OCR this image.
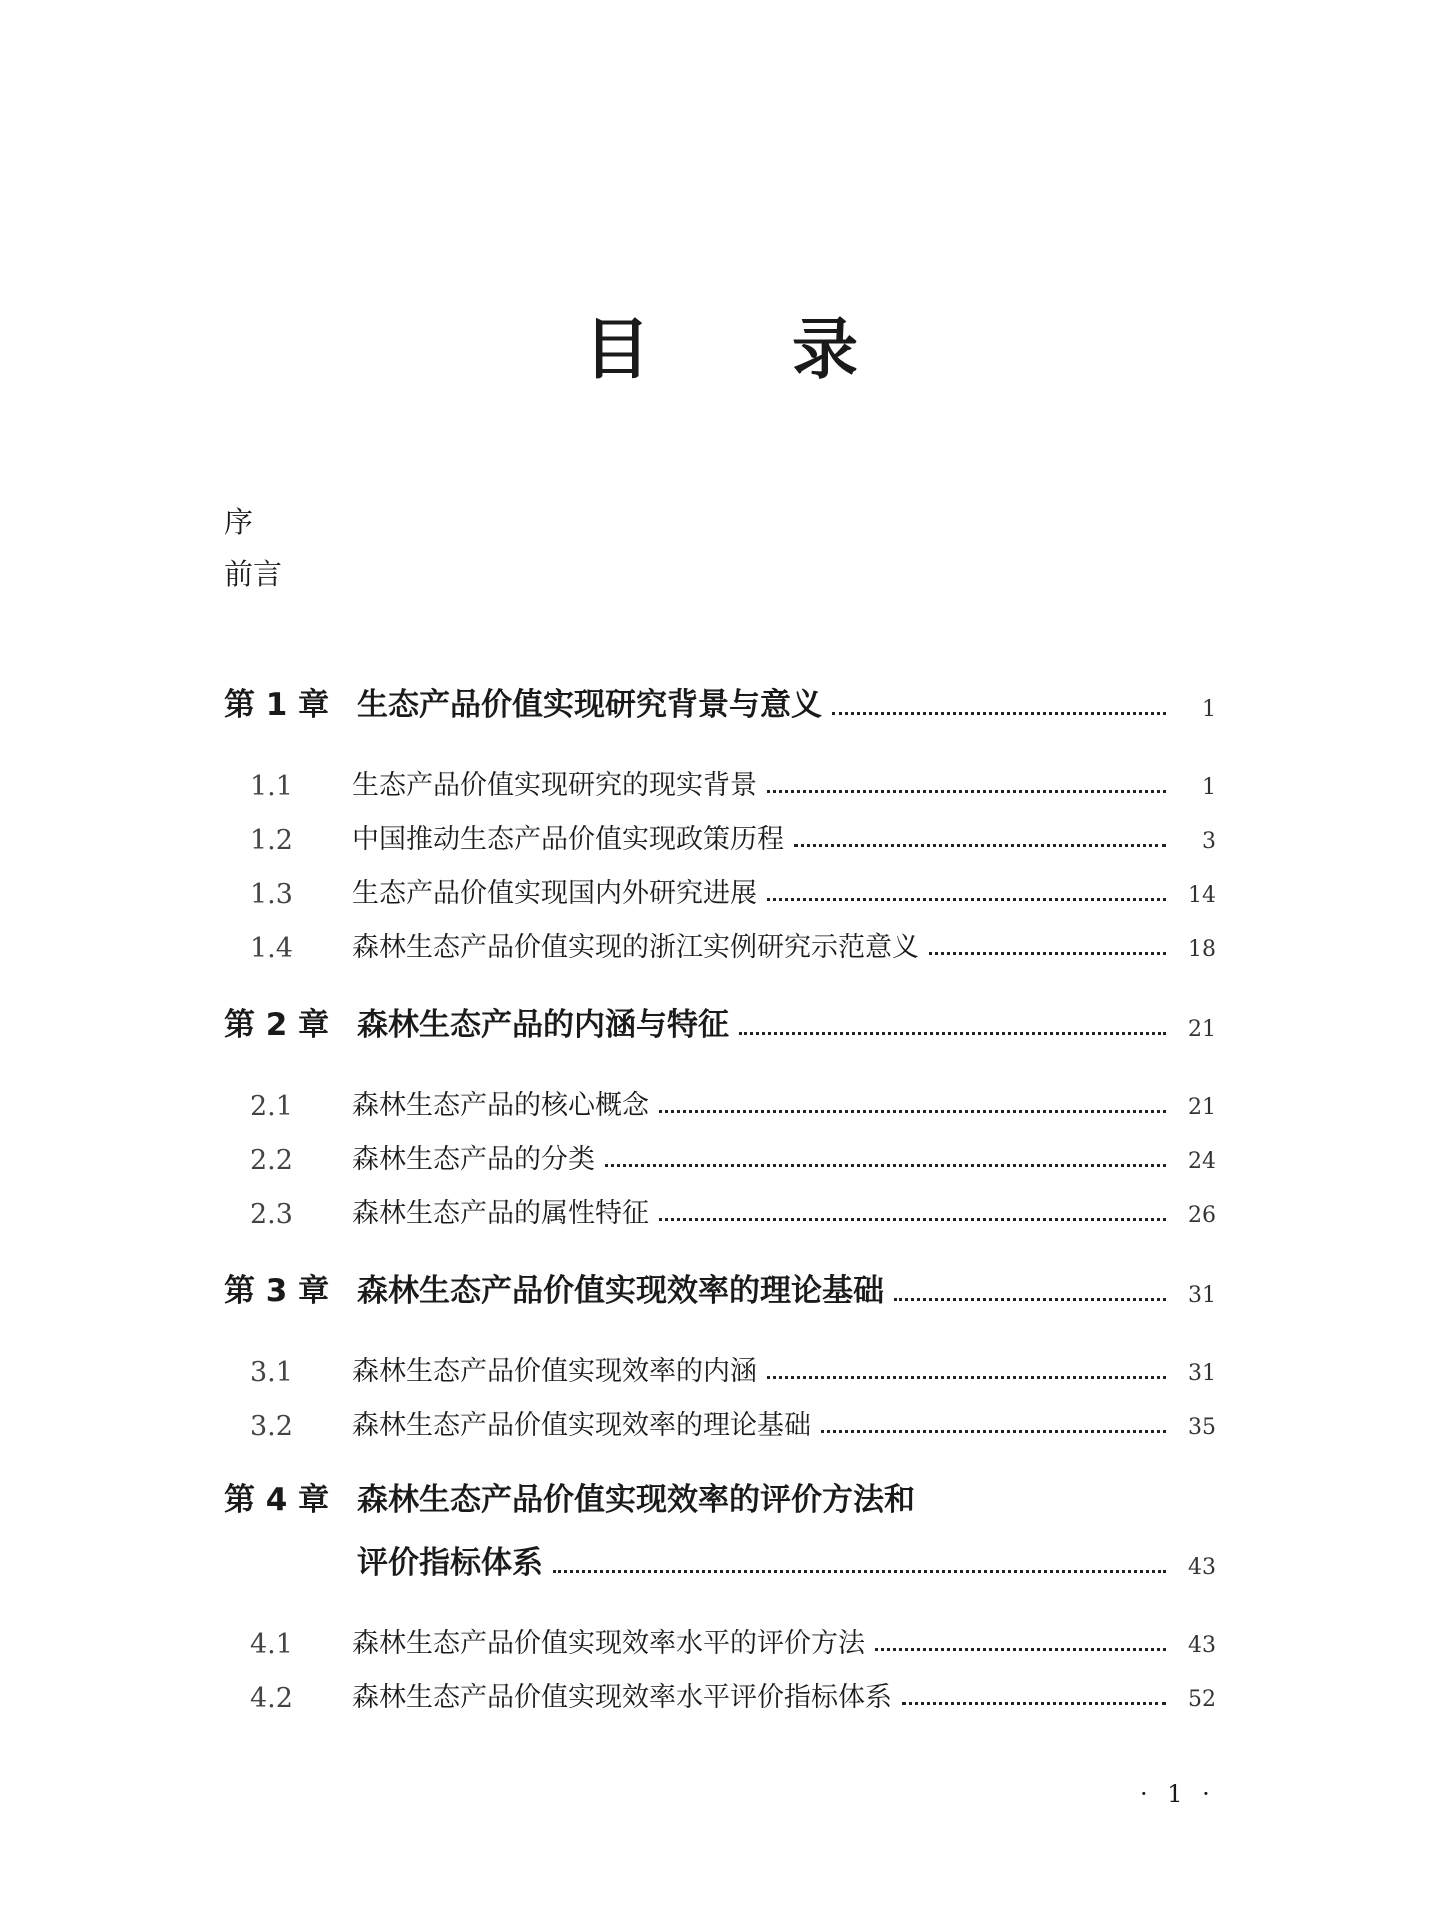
目 录
序
前言
第 1 章 生态产品价值实现研究背景与意义	1
1.1	生态产品价值实现研究的现实背景	1
1.2	中国推动生态产品价值实现政策历程	3
1.3	生态产品价值实现国内外研究进展	14
1.4	森林生态产品价值实现的浙江实例研究示范意义	18
第 2 章 森林生态产品的内涵与特征	21
2.1	森林生态产品的核心概念	21
2.2	森林生态产品的分类	24
2.3	森林生态产品的属性特征	26
第 3 章 森林生态产品价值实现效率的理论基础	31
3.1	森林生态产品价值实现效率的内涵	31
3.2	森林生态产品价值实现效率的理论基础	35
第 4 章 森林生态产品价值实现效率的评价方法和
评价指标体系	43
4.1	森林生态产品价值实现效率水平的评价方法	43
4.2	森林生态产品价值实现效率水平评价指标体系	52
· 1 ·
